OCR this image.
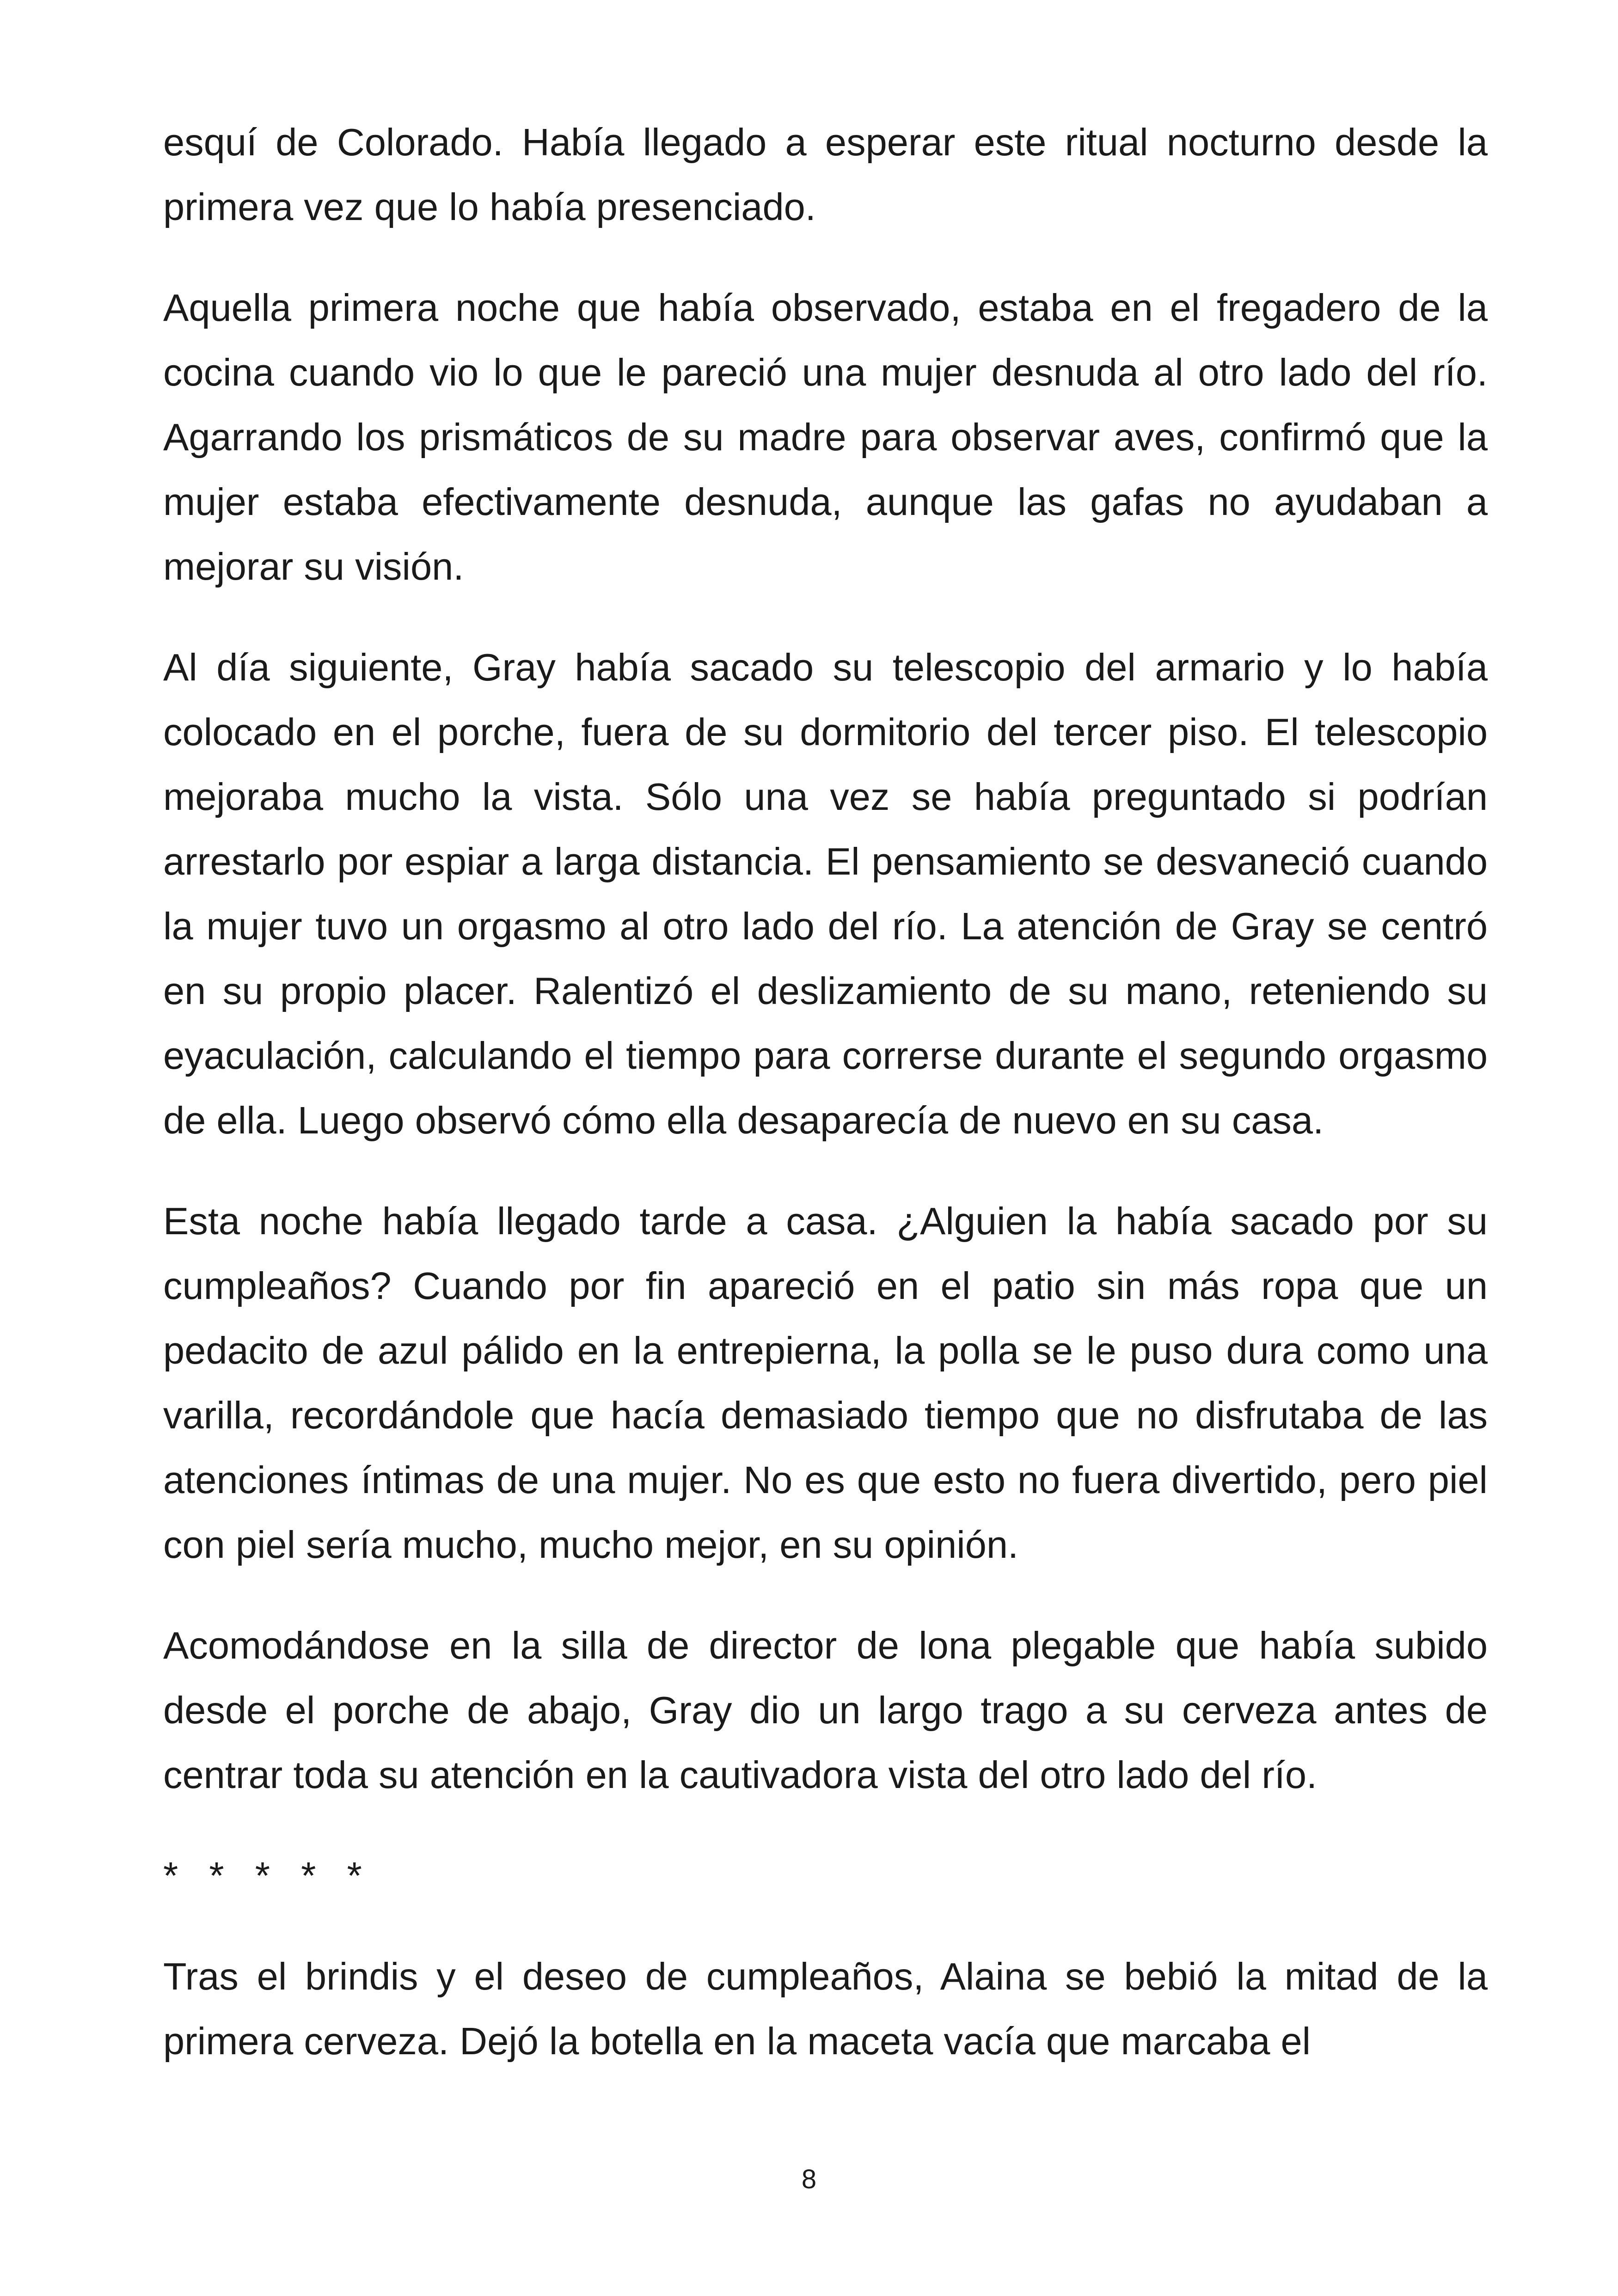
esquí de Colorado. Había llegado a esperar este ritual nocturno desde la primera vez que lo había presenciado.

Aquella primera noche que había observado, estaba en el fregadero de la cocina cuando vio lo que le pareció una mujer desnuda al otro lado del río. Agarrando los prismáticos de su madre para observar aves, confirmó que la mujer estaba efectivamente desnuda, aunque las gafas no ayudaban a mejorar su visión.

Al día siguiente, Gray había sacado su telescopio del armario y lo había colocado en el porche, fuera de su dormitorio del tercer piso. El telescopio mejoraba mucho la vista. Sólo una vez se había preguntado si podrían arrestarlo por espiar a larga distancia. El pensamiento se desvaneció cuando la mujer tuvo un orgasmo al otro lado del río. La atención de Gray se centró en su propio placer. Ralentizó el deslizamiento de su mano, reteniendo su eyaculación, calculando el tiempo para correrse durante el segundo orgasmo de ella. Luego observó cómo ella desaparecía de nuevo en su casa.

Esta noche había llegado tarde a casa. ¿Alguien la había sacado por su cumpleaños? Cuando por fin apareció en el patio sin más ropa que un pedacito de azul pálido en la entrepierna, la polla se le puso dura como una varilla, recordándole que hacía demasiado tiempo que no disfrutaba de las atenciones íntimas de una mujer. No es que esto no fuera divertido, pero piel con piel sería mucho, mucho mejor, en su opinión.

Acomodándose en la silla de director de lona plegable que había subido desde el porche de abajo, Gray dio un largo trago a su cerveza antes de centrar toda su atención en la cautivadora vista del otro lado del río.

* * * * *

Tras el brindis y el deseo de cumpleaños, Alaina se bebió la mitad de la primera cerveza. Dejó la botella en la maceta vacía que marcaba el

8
